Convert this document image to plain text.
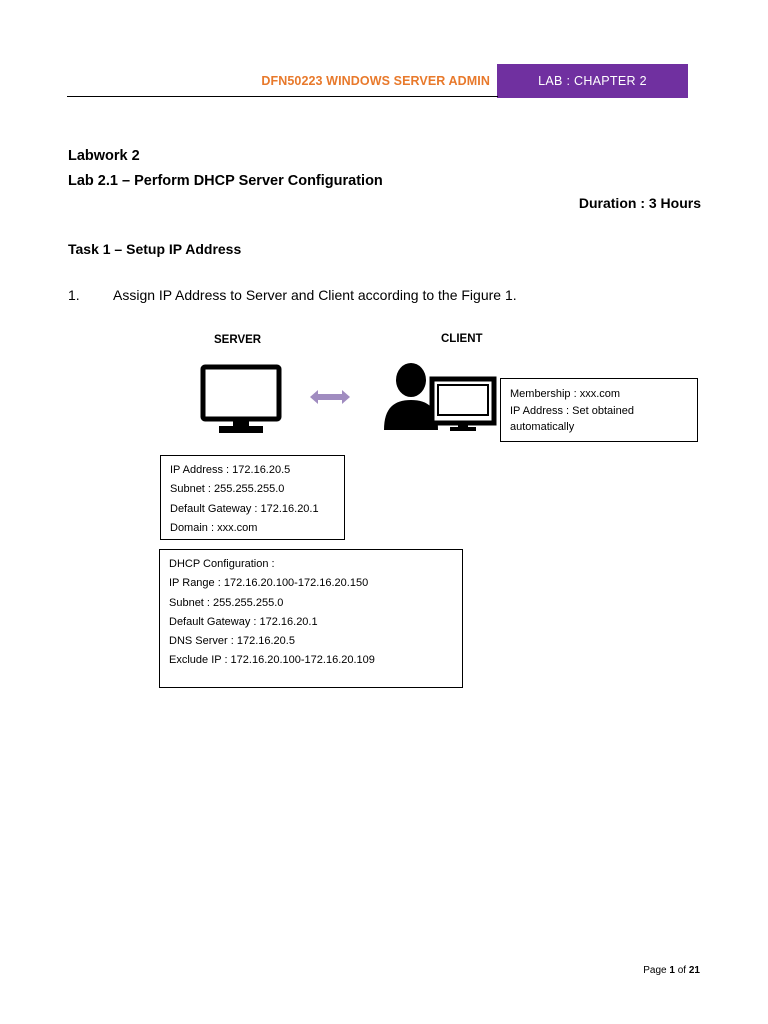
DFN50223 WINDOWS SERVER ADMIN	LAB : CHAPTER 2
Labwork 2
Lab 2.1 – Perform DHCP Server Configuration
Duration : 3 Hours
Task 1 – Setup IP Address
1. Assign IP Address to Server and Client according to the Figure 1.
SERVER	CLIENT
Membership : xxx.com
IP Address : Set obtained automatically
IP Address : 172.16.20.5
Subnet : 255.255.255.0
Default Gateway : 172.16.20.1
Domain : xxx.com
DHCP Configuration :
IP Range : 172.16.20.100-172.16.20.150
Subnet : 255.255.255.0
Default Gateway : 172.16.20.1
DNS Server : 172.16.20.5
Exclude IP : 172.16.20.100-172.16.20.109
Page 1 of 21
